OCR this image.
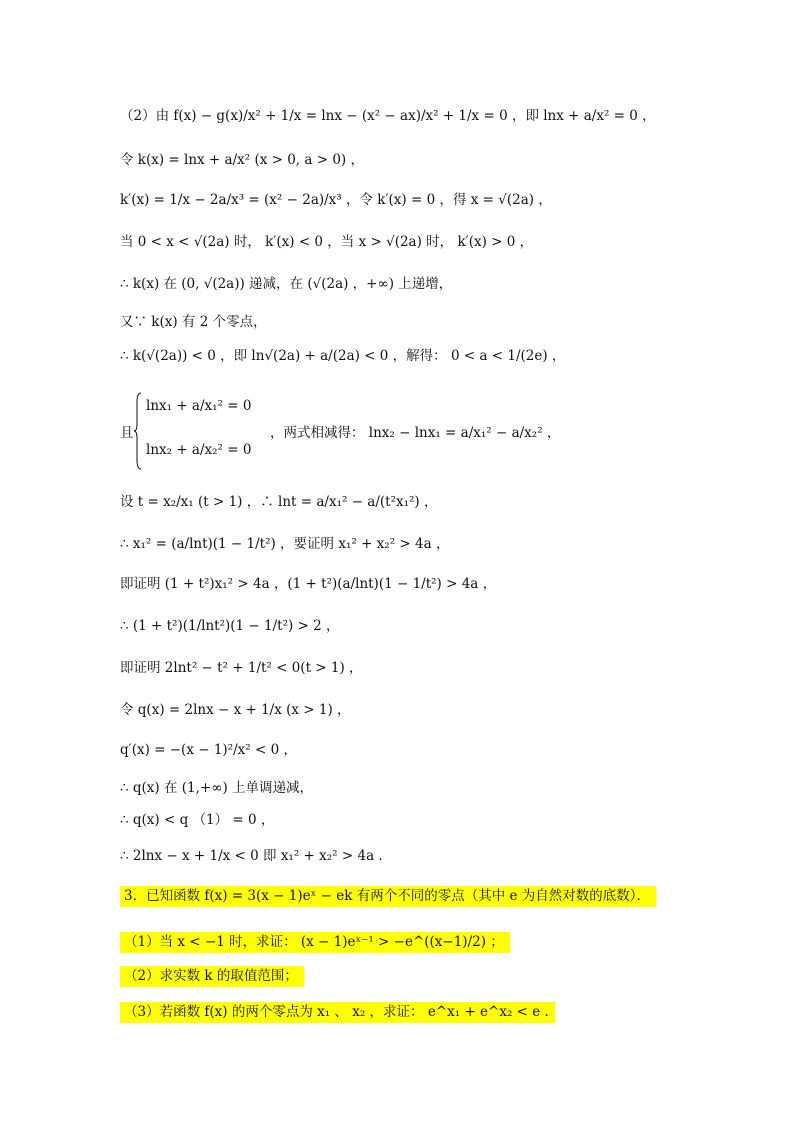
（2）由 f(x) − g(x)/x² + 1/x = lnx − (x² − ax)/x² + 1/x = 0 ，即 lnx + a/x² = 0 ，
令 k(x) = lnx + a/x² (x > 0, a > 0) ，
k′(x) = 1/x − 2a/x³ = (x² − 2a)/x³ ，令 k′(x) = 0 ，得 x = √(2a) ，
当 0 < x < √(2a) 时， k′(x) < 0 ，当 x > √(2a) 时， k′(x) > 0 ，
∴ k(x) 在 (0, √(2a)) 递减，在 (√(2a) ，+∞) 上递增，
又∵ k(x) 有 2 个零点，
∴ k(√(2a)) < 0 ，即 ln√(2a) + a/(2a) < 0 ，解得： 0 < a < 1/(2e) ，
且
lnx₁ + a/x₁² = 0
lnx₂ + a/x₂² = 0
，两式相减得： lnx₂ − lnx₁ = a/x₁² − a/x₂² ，
设 t = x₂/x₁ (t > 1) ，∴ lnt = a/x₁² − a/(t²x₁²) ，
∴ x₁² = (a/lnt)(1 − 1/t²) ，要证明 x₁² + x₂² > 4a ，
即证明 (1 + t²)x₁² > 4a ，(1 + t²)(a/lnt)(1 − 1/t²) > 4a ，
∴ (1 + t²)(1/lnt²)(1 − 1/t²) > 2 ，
即证明 2lnt² − t² + 1/t² < 0(t > 1) ，
令 q(x) = 2lnx − x + 1/x (x > 1) ，
q′(x) = −(x − 1)²/x² < 0 ，
∴ q(x) 在 (1,+∞) 上单调递减，
∴ q(x) < q （1） = 0 ，
∴ 2lnx − x + 1/x < 0 即 x₁² + x₂² > 4a .
3．已知函数 f(x) = 3(x − 1)eˣ − ek 有两个不同的零点（其中 e 为自然对数的底数）．
（1）当 x < −1 时，求证： (x − 1)eˣ⁻¹ > −e^((x−1)/2) ；
（2）求实数 k 的取值范围；
（3）若函数 f(x) 的两个零点为 x₁ 、 x₂ ，求证： e^x₁ + e^x₂ < e .
